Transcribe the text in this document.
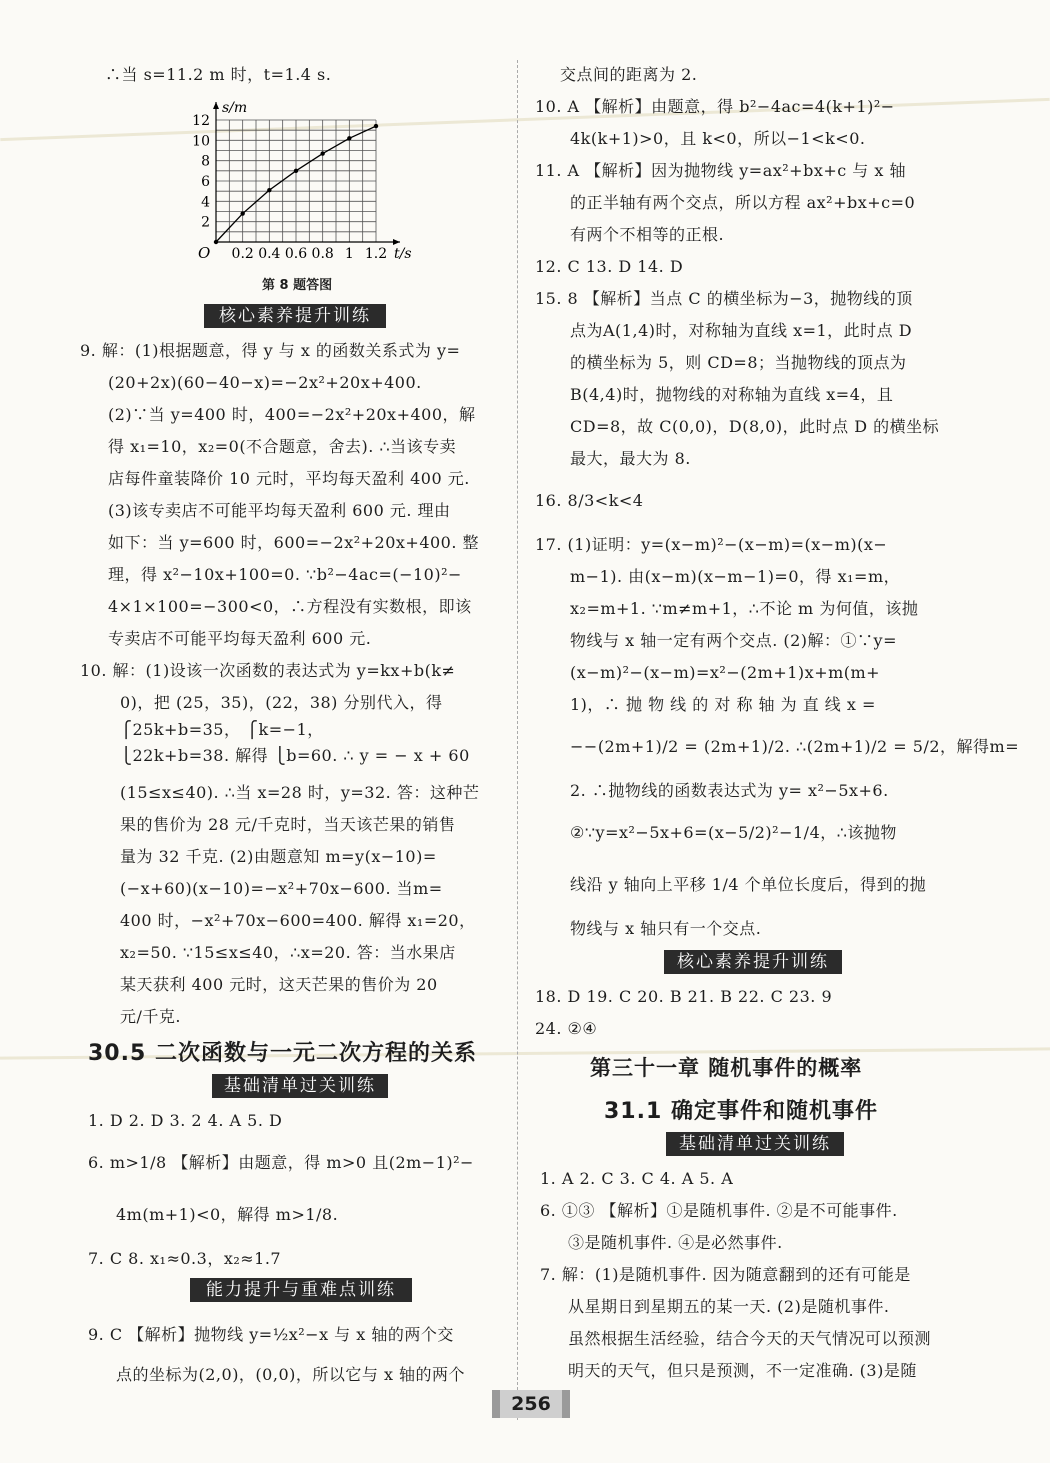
∴当 s=11.2 m 时，t=1.4 s.
9. 解：(1)根据题意，得 y 与 x 的函数关系式为 y=
(20+2x)(60−40−x)=−2x²+20x+400.
(2)∵当 y=400 时，400=−2x²+20x+400，解
得 x₁=10，x₂=0(不合题意，舍去). ∴当该专卖
店每件童装降价 10 元时，平均每天盈利 400 元.
(3)该专卖店不可能平均每天盈利 600 元. 理由
如下：当 y=600 时，600=−2x²+20x+400. 整
理，得 x²−10x+100=0. ∵b²−4ac=(−10)²−
4×1×100=−300<0，∴方程没有实数根，即该
专卖店不可能平均每天盈利 600 元.
10. 解：(1)设该一次函数的表达式为 y=kx+b(k≠
0)，把 (25，35)，(22，38) 分别代入，得
⎧25k+b=35， ⎧k=−1，
⎩22k+b=38. 解得 ⎩b=60. ∴ y = − x + 60
(15≤x≤40). ∴当 x=28 时，y=32. 答：这种芒
果的售价为 28 元/千克时，当天该芒果的销售
量为 32 千克. (2)由题意知 m=y(x−10)=
(−x+60)(x−10)=−x²+70x−600. 当m=
400 时，−x²+70x−600=400. 解得 x₁=20，
x₂=50. ∵15≤x≤40，∴x=20. 答：当水果店
某天获利 400 元时，这天芒果的售价为 20
元/千克.
1. D 2. D 3. 2 4. A 5. D
6. m>1/8 【解析】由题意，得 m>0 且(2m−1)²−
4m(m+1)<0，解得 m>1/8.
7. C 8. x₁≈0.3，x₂≈1.7
9. C 【解析】抛物线 y=½x²−x 与 x 轴的两个交
点的坐标为(2,0)，(0,0)，所以它与 x 轴的两个
交点间的距离为 2.
10. A 【解析】由题意，得 b²−4ac=4(k+1)²−
4k(k+1)>0，且 k<0，所以−1<k<0.
11. A 【解析】因为抛物线 y=ax²+bx+c 与 x 轴
的正半轴有两个交点，所以方程 ax²+bx+c=0
有两个不相等的正根.
12. C 13. D 14. D
15. 8 【解析】当点 C 的横坐标为−3，抛物线的顶
点为A(1,4)时，对称轴为直线 x=1，此时点 D
的横坐标为 5，则 CD=8；当抛物线的顶点为
B(4,4)时，抛物线的对称轴为直线 x=4，且
CD=8，故 C(0,0)，D(8,0)，此时点 D 的横坐标
最大，最大为 8.
16. 8/3<k<4
17. (1)证明：y=(x−m)²−(x−m)=(x−m)(x−
m−1). 由(x−m)(x−m−1)=0，得 x₁=m，
x₂=m+1. ∵m≠m+1，∴不论 m 为何值，该抛
物线与 x 轴一定有两个交点. (2)解：①∵y=
(x−m)²−(x−m)=x²−(2m+1)x+m(m+
1)，∴ 抛 物 线 的 对 称 轴 为 直 线 x =
−−(2m+1)/2 = (2m+1)/2. ∴(2m+1)/2 = 5/2，解得m=
2. ∴抛物线的函数表达式为 y= x²−5x+6.
②∵y=x²−5x+6=(x−5/2)²−1/4，∴该抛物
线沿 y 轴向上平移 1/4 个单位长度后，得到的抛
物线与 x 轴只有一个交点.
18. D 19. C 20. B 21. B 22. C 23. 9
24. ②④
1. A 2. C 3. C 4. A 5. A
6. ①③ 【解析】①是随机事件. ②是不可能事件.
③是随机事件. ④是必然事件.
7. 解：(1)是随机事件. 因为随意翻到的还有可能是
从星期日到星期五的某一天. (2)是随机事件.
虽然根据生活经验，结合今天的天气情况可以预测
明天的天气，但只是预测，不一定准确. (3)是随
s/m
t/s
O
2
4
6
8
10
12
0.2 0.4 0.6 0.8 1 1.2
第 8 题答图
核心素养提升训练
30.5 二次函数与一元二次方程的关系
基础清单过关训练
能力提升与重难点训练
核心素养提升训练
第三十一章 随机事件的概率
31.1 确定事件和随机事件
基础清单过关训练
256
